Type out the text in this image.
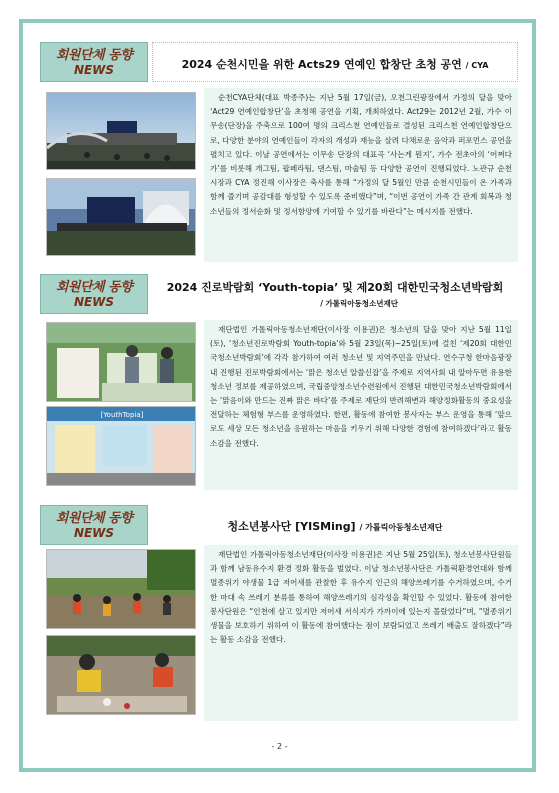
회원단체 동향
NEWS	2024 순천시민을 위한 Acts29 연예인 합창단 초청 공연 / CYA
순천CYA단체(대표 박종주)는 지난 5월 17일(금), 오천그린광장에서 가정의 달을 맞아 ‘Act29 연예인합창단’을 초청해 공연을 기획, 개최하였다. Act29는 2012년 2월, 가수 이무송(단장)을 주축으로 100여 명의 크리스천 연예인들로 결성된 크리스천 연예인합창단으로, 다양한 분야의 연예인들이 각자의 개성과 재능을 살려 다채로운 음악과 퍼포먼스 공연을 펼치고 있다. 이날 공연에서는 이무송 단장의 대표곡 ‘사는게 뭔지’, 가수 전초아의 ‘어쩌다가’를 비롯해 개그팀, 팝페라팀, 댄스팀, 마술팀 등 다양한 공연이 진행되었다. 노관규 순천시장과 CYA 정진해 이사장은 축사를 통해 “가정의 달 5월인 만큼 순천시민들이 온 가족과 함께 즐기며 공감대를 형성할 수 있도록 준비했다”며, “이번 공연이 가족 간 관계 회복과 청소년들의 정서순화 및 정서함양에 기여할 수 있기를 바란다”는 메시지를 전했다.
회원단체 동향
NEWS
2024 진로박람회 ‘Youth-topia’ 및 제20회 대한민국청소년박람회
/ 가톨릭아동청소년재단
[YouthTopia]
재단법인 가톨릭아동청소년재단(이사장 이용권)은 청소년의 달을 맞아 지난 5월 11일(토), ‘청소년진로박람회 Youth-topia’와 5월 23일(목)~25일(토)에 걸친 ‘제20회 대한민국청소년박람회’에 각각 참가하여 여러 청소년 및 지역주민을 만났다. 연수구청 한마음광장 내 진행된 진로박람회에서는 ‘맑은 청소년 알쓸신잡’을 주제로 지역사회 내 알아두면 유용한 청소년 정보를 제공하였으며, 국립중앙청소년수련원에서 진행된 대한민국청소년박람회에서는 ‘맑음이와 만드는 진짜 맑은 바다’를 주제로 재단의 반려해변과 해양정화활동의 중요성을 전달하는 체험형 부스를 운영하였다. 한편, 활동에 참여한 봉사자는 부스 운영을 통해 ‘앞으로도 세상 모든 청소년을 응원하는 마음을 키우기 위해 다양한 경험에 참여하겠다’라고 활동 소감을 전했다.
회원단체 동향
NEWS	청소년봉사단 [YISMing] / 가톨릭아동청소년재단
재단법인 가톨릭아동청소년재단(이사장 이용권)은 지난 5월 25일(토), 청소년봉사단원들과 함께 남동유수지 환경 정화 활동을 벌였다. 이날 청소년봉사단은 가톨릭환경연대와 함께 멸종위기 야생물 1급 저어새를 관찰한 후 유수지 인근의 해양쓰레기를 수거하였으며, 수거한 마대 속 쓰레기 분류를 통하여 해양쓰레기의 심각성을 확인할 수 있었다. 활동에 참여한 봉사단원은 “인천에 살고 있지만 저어새 서식지가 가까이에 있는지 몰랐었다”며, “멸종위기생물을 보호하기 위하여 이 활동에 참여했다는 점이 보람되었고 쓰레기 배출도 잘하겠다”라는 활동 소감을 전했다.
- 2 -
